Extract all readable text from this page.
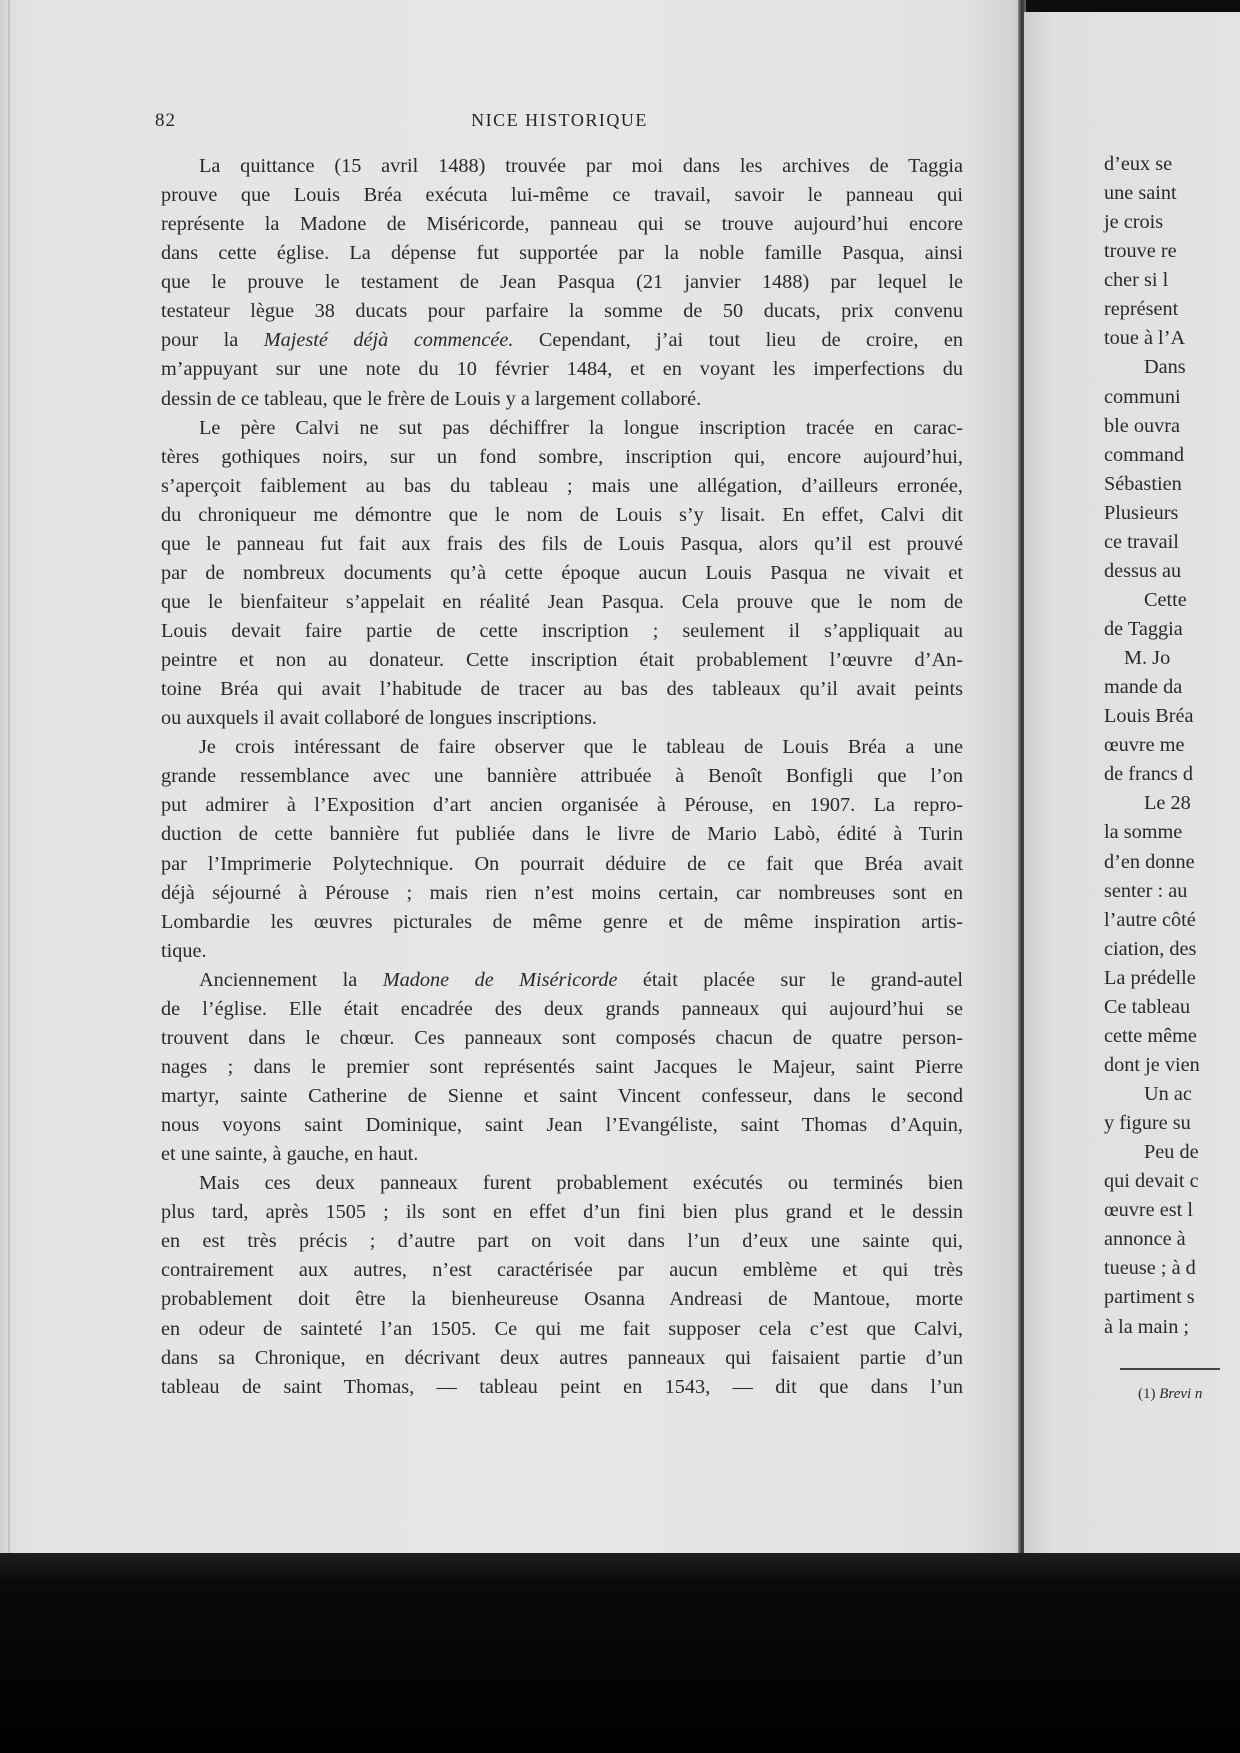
82	NICE HISTORIQUE
La quittance (15 avril 1488) trouvée par moi dans les archives de Taggia
prouve que Louis Bréa exécuta lui-même ce travail, savoir le panneau qui
représente la Madone de Miséricorde, panneau qui se trouve aujourd’hui encore
dans cette église. La dépense fut supportée par la noble famille Pasqua, ainsi
que le prouve le testament de Jean Pasqua (21 janvier 1488) par lequel le
testateur lègue 38 ducats pour parfaire la somme de 50 ducats, prix convenu
pour la Majesté déjà commencée. Cependant, j’ai tout lieu de croire, en
m’appuyant sur une note du 10 février 1484, et en voyant les imperfections du
dessin de ce tableau, que le frère de Louis y a largement collaboré.
Le père Calvi ne sut pas déchiffrer la longue inscription tracée en carac-
tères gothiques noirs, sur un fond sombre, inscription qui, encore aujourd’hui,
s’aperçoit faiblement au bas du tableau ; mais une allégation, d’ailleurs erronée,
du chroniqueur me démontre que le nom de Louis s’y lisait. En effet, Calvi dit
que le panneau fut fait aux frais des fils de Louis Pasqua, alors qu’il est prouvé
par de nombreux documents qu’à cette époque aucun Louis Pasqua ne vivait et
que le bienfaiteur s’appelait en réalité Jean Pasqua. Cela prouve que le nom de
Louis devait faire partie de cette inscription ; seulement il s’appliquait au
peintre et non au donateur. Cette inscription était probablement l’œuvre d’An-
toine Bréa qui avait l’habitude de tracer au bas des tableaux qu’il avait peints
ou auxquels il avait collaboré de longues inscriptions.
Je crois intéressant de faire observer que le tableau de Louis Bréa a une
grande ressemblance avec une bannière attribuée à Benoît Bonfigli que l’on
put admirer à l’Exposition d’art ancien organisée à Pérouse, en 1907. La repro-
duction de cette bannière fut publiée dans le livre de Mario Labò, édité à Turin
par l’Imprimerie Polytechnique. On pourrait déduire de ce fait que Bréa avait
déjà séjourné à Pérouse ; mais rien n’est moins certain, car nombreuses sont en
Lombardie les œuvres picturales de même genre et de même inspiration artis-
tique.
Anciennement la Madone de Miséricorde était placée sur le grand-autel
de l’église. Elle était encadrée des deux grands panneaux qui aujourd’hui se
trouvent dans le chœur. Ces panneaux sont composés chacun de quatre person-
nages ; dans le premier sont représentés saint Jacques le Majeur, saint Pierre
martyr, sainte Catherine de Sienne et saint Vincent confesseur, dans le second
nous voyons saint Dominique, saint Jean l’Evangéliste, saint Thomas d’Aquin,
et une sainte, à gauche, en haut.
Mais ces deux panneaux furent probablement exécutés ou terminés bien
plus tard, après 1505 ; ils sont en effet d’un fini bien plus grand et le dessin
en est très précis ; d’autre part on voit dans l’un d’eux une sainte qui,
contrairement aux autres, n’est caractérisée par aucun emblème et qui très
probablement doit être la bienheureuse Osanna Andreasi de Mantoue, morte
en odeur de sainteté l’an 1505. Ce qui me fait supposer cela c’est que Calvi,
dans sa Chronique, en décrivant deux autres panneaux qui faisaient partie d’un
tableau de saint Thomas, — tableau peint en 1543, — dit que dans l’un
d’eux se
une saint
je crois
trouve re
cher si l
représent
toue à l’A
Dans
communi
ble ouvra
command
Sébastien
Plusieurs
ce travail
dessus au
Cette
de Taggia
M. Jo
mande da
Louis Bréa
œuvre me
de francs d
Le 28
la somme
d’en donne
senter : au
l’autre côté
ciation, des
La prédelle
Ce tableau
cette même
dont je vien
Un ac
y figure su
Peu de
qui devait c
œuvre est l
annonce à
tueuse ; à d
partiment s
à la main ;
(1) Brevi n
